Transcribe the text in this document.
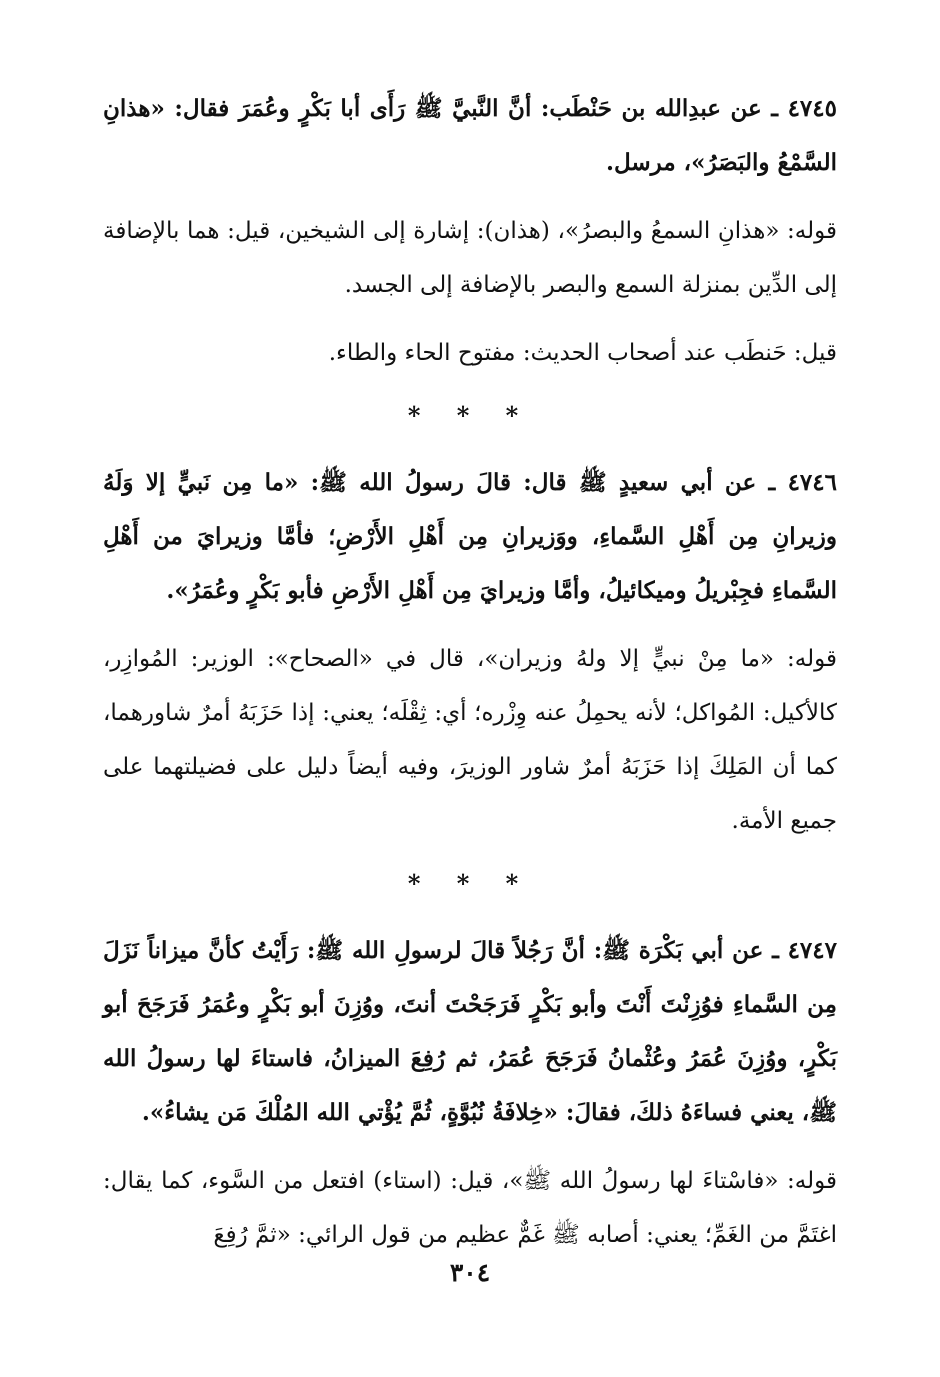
٤٧٤٥ ـ عن عبدِالله بن حَنْطَب: أنَّ النَّبيَّ ﷺ رَأَى أبا بَكْرٍ وعُمَرَ فقال: «هذانِ السَّمْعُ والبَصَرُ»، مرسل.

قوله: «هذانِ السمعُ والبصرُ»، (هذان): إشارة إلى الشيخين، قيل: هما بالإضافة إلى الدِّين بمنزلة السمع والبصر بالإضافة إلى الجسد.

قيل: حَنطَب عند أصحاب الحديث: مفتوح الحاء والطاء.

* * *

٤٧٤٦ ـ عن أبي سعيدٍ ﷺ قال: قالَ رسولُ الله ﷺ: «ما مِن نَبيٍّ إلا وَلَهُ وزيرانِ مِن أَهْلِ السَّماءِ، ووَزيرانِ مِن أَهْلِ الأَرْضِ؛ فأمَّا وزيرايَ من أَهْلِ السَّماءِ فجِبْريلُ وميكائيلُ، وأمَّا وزيرايَ مِن أَهْلِ الأَرْضِ فأبو بَكْرٍ وعُمَرُ».

قوله: «ما مِنْ نبيٍّ إلا ولهُ وزيران»، قال في «الصحاح»: الوزير: المُوازِر، كالأكيل: المُواكل؛ لأنه يحمِلُ عنه وِزْره؛ أي: ثِقْلَه؛ يعني: إذا حَزَبَهُ أمرٌ شاورهما، كما أن المَلِكَ إذا حَزَبَهُ أمرٌ شاور الوزيرَ، وفيه أيضاً دليل على فضيلتهما على جميع الأمة.

* * *

٤٧٤٧ ـ عن أبي بَكْرَة ﷺ: أنَّ رَجُلاً قالَ لرسولِ الله ﷺ: رَأَيْتُ كأنَّ ميزاناً نَزَلَ مِن السَّماءِ فوُزِنْتَ أَنْتَ وأبو بَكْرٍ فَرَجَحْتَ أنتَ، ووُزِنَ أبو بَكْرٍ وعُمَرُ فَرَجَحَ أبو بَكْرٍ، ووُزِنَ عُمَرُ وعُثْمانُ فَرَجَحَ عُمَرُ، ثم رُفِعَ الميزانُ، فاستاءَ لها رسولُ الله ﷺ، يعني فساءَهُ ذلكَ، فقالَ: «خِلافَةُ نُبُوَّةٍ، ثُمَّ يُؤْتي الله المُلْكَ مَن يشاءُ».

قوله: «فاسْتاءَ لها رسولُ الله ﷺ»، قيل: (استاء) افتعل من السَّوء، كما يقال: اغتَمَّ من الغَمِّ؛ يعني: أصابه ﷺ غَمٌّ عظيم من قول الرائي: «ثمَّ رُفِعَ

٣٠٤
